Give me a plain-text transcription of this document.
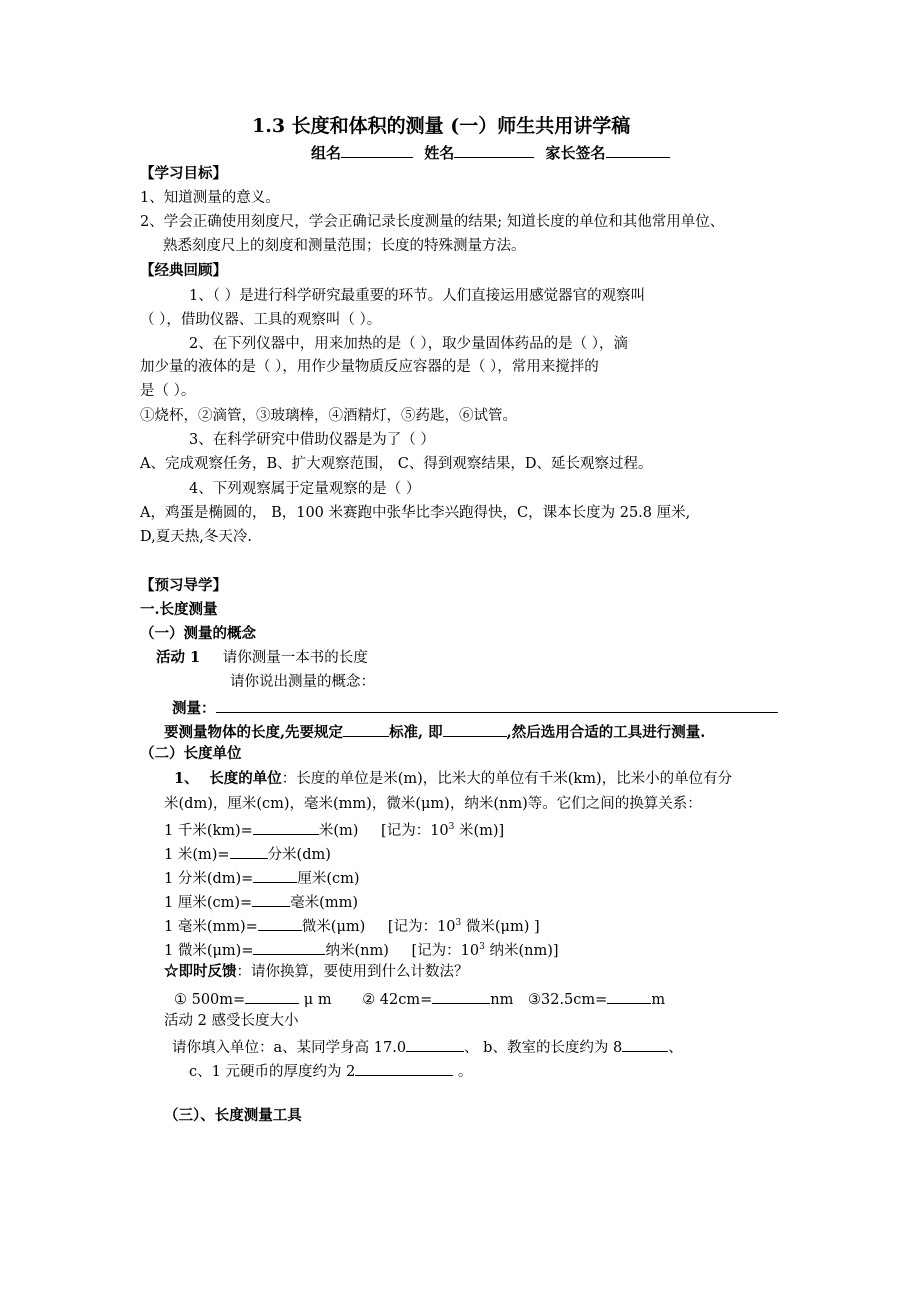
1.3 长度和体积的测量 (一）师生共用讲学稿
组名	姓名	家长签名
【学习目标】
1、知道测量的意义。
2、学会正确使用刻度尺，学会正确记录长度测量的结果; 知道长度的单位和其他常用单位、
熟悉刻度尺上的刻度和测量范围；长度的特殊测量方法。
【经典回顾】
1、（ ）是进行科学研究最重要的环节。人们直接运用感觉器官的观察叫
（ ），借助仪器、工具的观察叫（ ）。
2、在下列仪器中，用来加热的是（ ），取少量固体药品的是（ ），滴
加少量的液体的是（ ），用作少量物质反应容器的是（ ），常用来搅拌的
是（ ）。
①烧杯，②滴管，③玻璃棒，④酒精灯，⑤药匙，⑥试管。
3、在科学研究中借助仪器是为了（ ）
A、完成观察任务，B、扩大观察范围， C、得到观察结果，D、延长观察过程。
4、下列观察属于定量观察的是（ ）
A，鸡蛋是椭圆的， B，100 米赛跑中张华比李兴跑得快，C，课本长度为 25.8 厘米,
D,夏天热,冬天冷.
【预习导学】
一.长度测量
（一）测量的概念
活动 1 请你测量一本书的长度
请你说出测量的概念：
测量：
要测量物体的长度,先要规定	标准, 即	,然后选用合适的工具进行测量.
（二）长度单位
1、 长度的单位：长度的单位是米(m)，比米大的单位有千米(km)，比米小的单位有分
米(dm)，厘米(cm)，毫米(mm)，微米(μm)，纳米(nm)等。它们之间的换算关系：
1 千米(km)=	米(m) [记为：$10^3$ 米(m)]
1 米(m)=	分米(dm)
1 分米(dm)=	厘米(cm)
1 厘米(cm)=	毫米(mm)
1 毫米(mm)=	微米(μm) [记为：$10^3$ 微米(μm) ]
1 微米(μm)=	纳米(nm) [记为：$10^3$ 纳米(nm)]
☆即时反馈：请你换算，要使用到什么计数法？
① 500m=	μ m ② 42cm=	nm ③32.5cm=	m
活动 2 感受长度大小
请你填入单位：a、某同学身高 17.0	、 b、教室的长度约为 8	、
c、1 元硬币的厚度约为 2	。
（三）、长度测量工具
